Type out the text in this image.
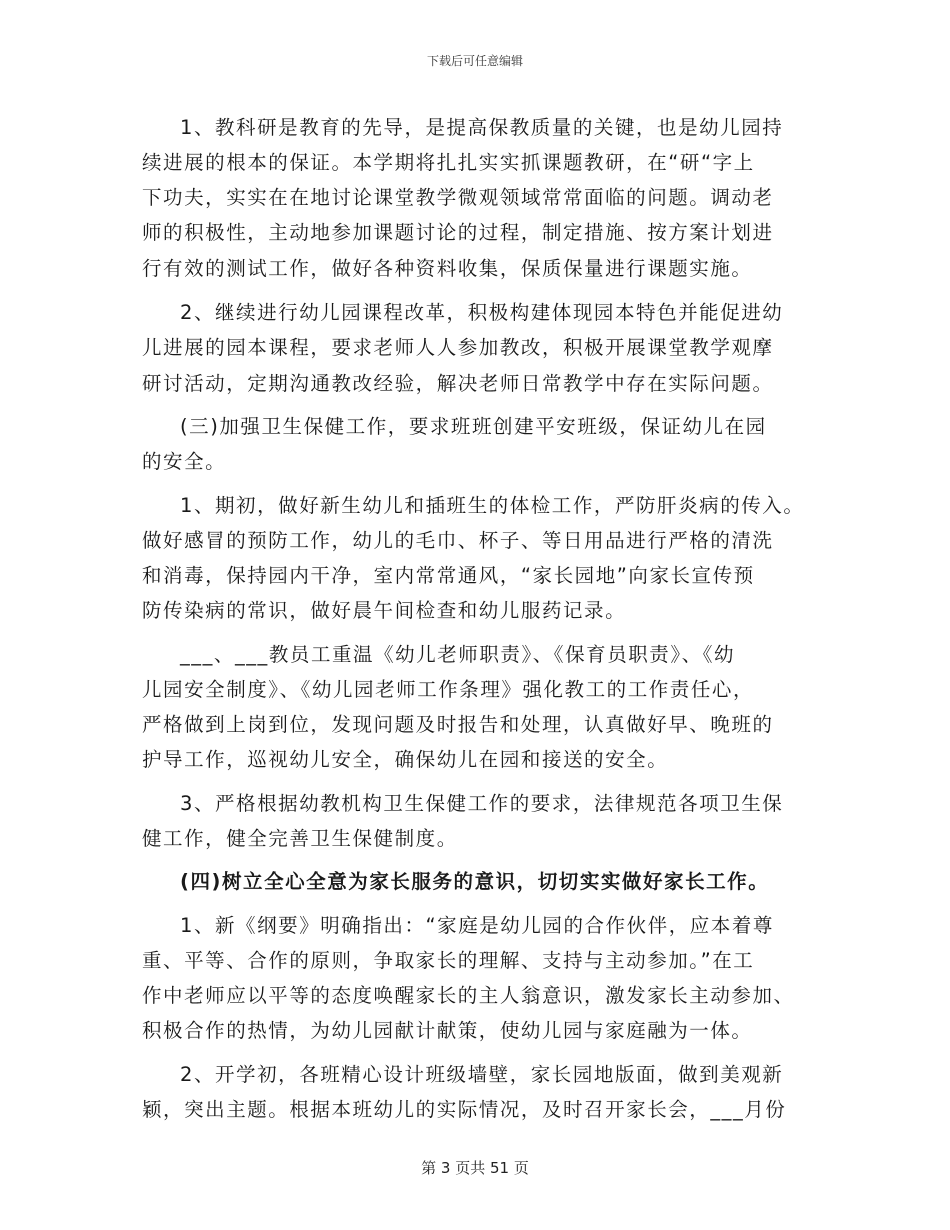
下载后可任意编辑
1、教科研是教育的先导，是提高保教质量的关键，也是幼儿园持
续进展的根本的保证。本学期将扎扎实实抓课题教研，在“研“字上
下功夫，实实在在地讨论课堂教学微观领域常常面临的问题。调动老
师的积极性，主动地参加课题讨论的过程，制定措施、按方案计划进
行有效的测试工作，做好各种资料收集，保质保量进行课题实施。
2、继续进行幼儿园课程改革，积极构建体现园本特色并能促进幼
儿进展的园本课程，要求老师人人参加教改，积极开展课堂教学观摩
研讨活动，定期沟通教改经验，解决老师日常教学中存在实际问题。
(三)加强卫生保健工作，要求班班创建平安班级，保证幼儿在园
的安全。
1、期初，做好新生幼儿和插班生的体检工作，严防肝炎病的传入。
做好感冒的预防工作，幼儿的毛巾、杯子、等日用品进行严格的清洗
和消毒，保持园内干净，室内常常通风，“家长园地”向家长宣传预
防传染病的常识，做好晨午间检查和幼儿服药记录。
___、___教员工重温《幼儿老师职责》、《保育员职责》、《幼
儿园安全制度》、《幼儿园老师工作条理》强化教工的工作责任心，
严格做到上岗到位，发现问题及时报告和处理，认真做好早、晚班的
护导工作，巡视幼儿安全，确保幼儿在园和接送的安全。
3、严格根据幼教机构卫生保健工作的要求，法律规范各项卫生保
健工作，健全完善卫生保健制度。
(四)树立全心全意为家长服务的意识，切切实实做好家长工作。
1、新《纲要》明确指出：“家庭是幼儿园的合作伙伴，应本着尊
重、平等、合作的原则，争取家长的理解、支持与主动参加。”在工
作中老师应以平等的态度唤醒家长的主人翁意识，激发家长主动参加、
积极合作的热情，为幼儿园献计献策，使幼儿园与家庭融为一体。
2、开学初，各班精心设计班级墙壁，家长园地版面，做到美观新
颖，突出主题。根据本班幼儿的实际情况，及时召开家长会，___月份
第 3 页共 51 页
